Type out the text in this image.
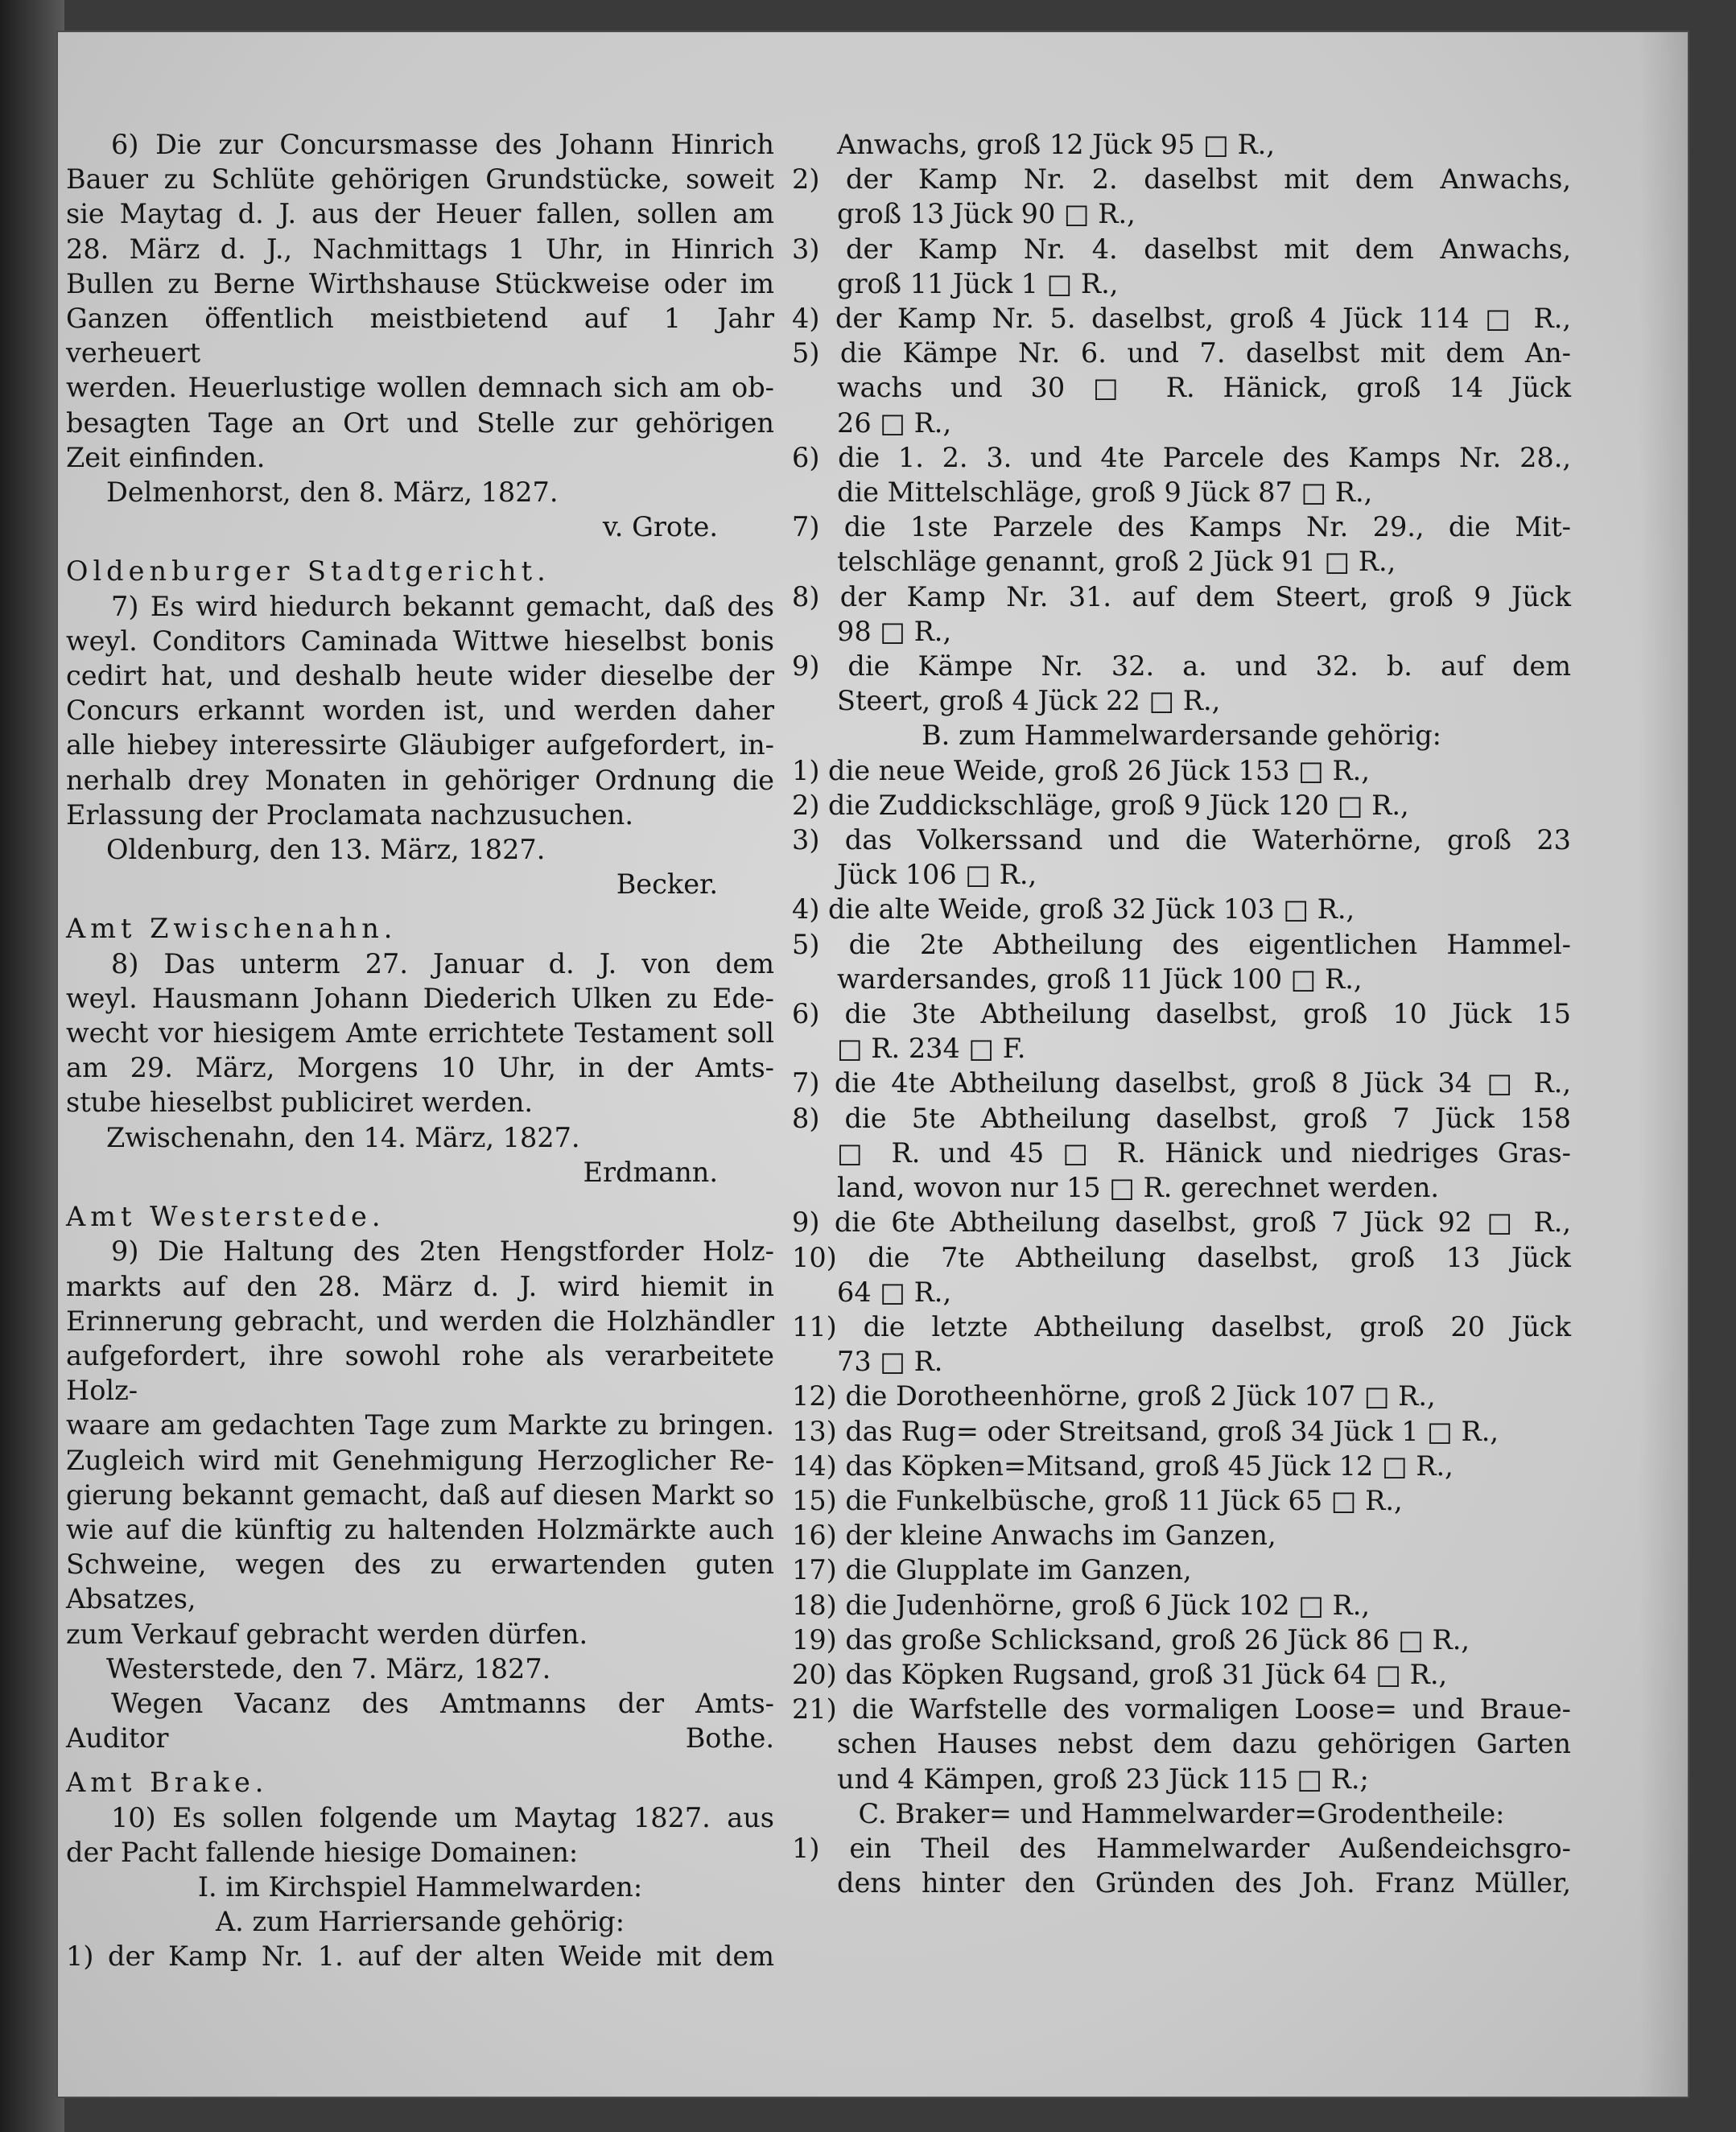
6) Die zur Concursmasse des Johann Hinrich

Bauer zu Schlüte gehörigen Grundstücke, soweit

sie Maytag d. J. aus der Heuer fallen, sollen am

28. März d. J., Nachmittags 1 Uhr, in Hinrich

Bullen zu Berne Wirthshause Stückweise oder im

Ganzen öffentlich meistbietend auf 1 Jahr verheuert

werden. Heuerlustige wollen demnach sich am ob-

besagten Tage an Ort und Stelle zur gehörigen

Zeit einfinden.

Delmenhorst, den 8. März, 1827.

v. Grote.

Oldenburger Stadtgericht.

7) Es wird hiedurch bekannt gemacht, daß des

weyl. Conditors Caminada Wittwe hieselbst bonis

cedirt hat, und deshalb heute wider dieselbe der

Concurs erkannt worden ist, und werden daher

alle hiebey interessirte Gläubiger aufgefordert, in-

nerhalb drey Monaten in gehöriger Ordnung die

Erlassung der Proclamata nachzusuchen.

Oldenburg, den 13. März, 1827.

Becker.

Amt Zwischenahn.

8) Das unterm 27. Januar d. J. von dem

weyl. Hausmann Johann Diederich Ulken zu Ede-

wecht vor hiesigem Amte errichtete Testament soll

am 29. März, Morgens 10 Uhr, in der Amts-

stube hieselbst publiciret werden.

Zwischenahn, den 14. März, 1827.

Erdmann.

Amt Westerstede.

9) Die Haltung des 2ten Hengstforder Holz-

markts auf den 28. März d. J. wird hiemit in

Erinnerung gebracht, und werden die Holzhändler

aufgefordert, ihre sowohl rohe als verarbeitete Holz-

waare am gedachten Tage zum Markte zu bringen.

Zugleich wird mit Genehmigung Herzoglicher Re-

gierung bekannt gemacht, daß auf diesen Markt so

wie auf die künftig zu haltenden Holzmärkte auch

Schweine, wegen des zu erwartenden guten Absatzes,

zum Verkauf gebracht werden dürfen.

Westerstede, den 7. März, 1827.

Wegen Vacanz des Amtmanns der Amts-

Auditor Bothe.

Amt Brake.

10) Es sollen folgende um Maytag 1827. aus

der Pacht fallende hiesige Domainen:

I. im Kirchspiel Hammelwarden:

A. zum Harriersande gehörig:

1) der Kamp Nr. 1. auf der alten Weide mit dem

Anwachs, groß 12 Jück 95 □ R.,

2) der Kamp Nr. 2. daselbst mit dem Anwachs,

groß 13 Jück 90 □ R.,

3) der Kamp Nr. 4. daselbst mit dem Anwachs,

groß 11 Jück 1 □ R.,

4) der Kamp Nr. 5. daselbst, groß 4 Jück 114 □ R.,

5) die Kämpe Nr. 6. und 7. daselbst mit dem An-

wachs und 30 □ R. Hänick, groß 14 Jück

26 □ R.,

6) die 1. 2. 3. und 4te Parcele des Kamps Nr. 28.,

die Mittelschläge, groß 9 Jück 87 □ R.,

7) die 1ste Parzele des Kamps Nr. 29., die Mit-

telschläge genannt, groß 2 Jück 91 □ R.,

8) der Kamp Nr. 31. auf dem Steert, groß 9 Jück

98 □ R.,

9) die Kämpe Nr. 32. a. und 32. b. auf dem

Steert, groß 4 Jück 22 □ R.,

B. zum Hammelwardersande gehörig:

1) die neue Weide, groß 26 Jück 153 □ R.,

2) die Zuddickschläge, groß 9 Jück 120 □ R.,

3) das Volkerssand und die Waterhörne, groß 23

Jück 106 □ R.,

4) die alte Weide, groß 32 Jück 103 □ R.,

5) die 2te Abtheilung des eigentlichen Hammel-

wardersandes, groß 11 Jück 100 □ R.,

6) die 3te Abtheilung daselbst, groß 10 Jück 15

□ R. 234 □ F.

7) die 4te Abtheilung daselbst, groß 8 Jück 34 □ R.,

8) die 5te Abtheilung daselbst, groß 7 Jück 158

□ R. und 45 □ R. Hänick und niedriges Gras-

land, wovon nur 15 □ R. gerechnet werden.

9) die 6te Abtheilung daselbst, groß 7 Jück 92 □ R.,

10) die 7te Abtheilung daselbst, groß 13 Jück

64 □ R.,

11) die letzte Abtheilung daselbst, groß 20 Jück

73 □ R.

12) die Dorotheenhörne, groß 2 Jück 107 □ R.,

13) das Rug= oder Streitsand, groß 34 Jück 1 □ R.,

14) das Köpken=Mitsand, groß 45 Jück 12 □ R.,

15) die Funkelbüsche, groß 11 Jück 65 □ R.,

16) der kleine Anwachs im Ganzen,

17) die Glupplate im Ganzen,

18) die Judenhörne, groß 6 Jück 102 □ R.,

19) das große Schlicksand, groß 26 Jück 86 □ R.,

20) das Köpken Rugsand, groß 31 Jück 64 □ R.,

21) die Warfstelle des vormaligen Loose= und Braue-

schen Hauses nebst dem dazu gehörigen Garten

und 4 Kämpen, groß 23 Jück 115 □ R.;

C. Braker= und Hammelwarder=Grodentheile:

1) ein Theil des Hammelwarder Außendeichsgro-

dens hinter den Gründen des Joh. Franz Müller,
